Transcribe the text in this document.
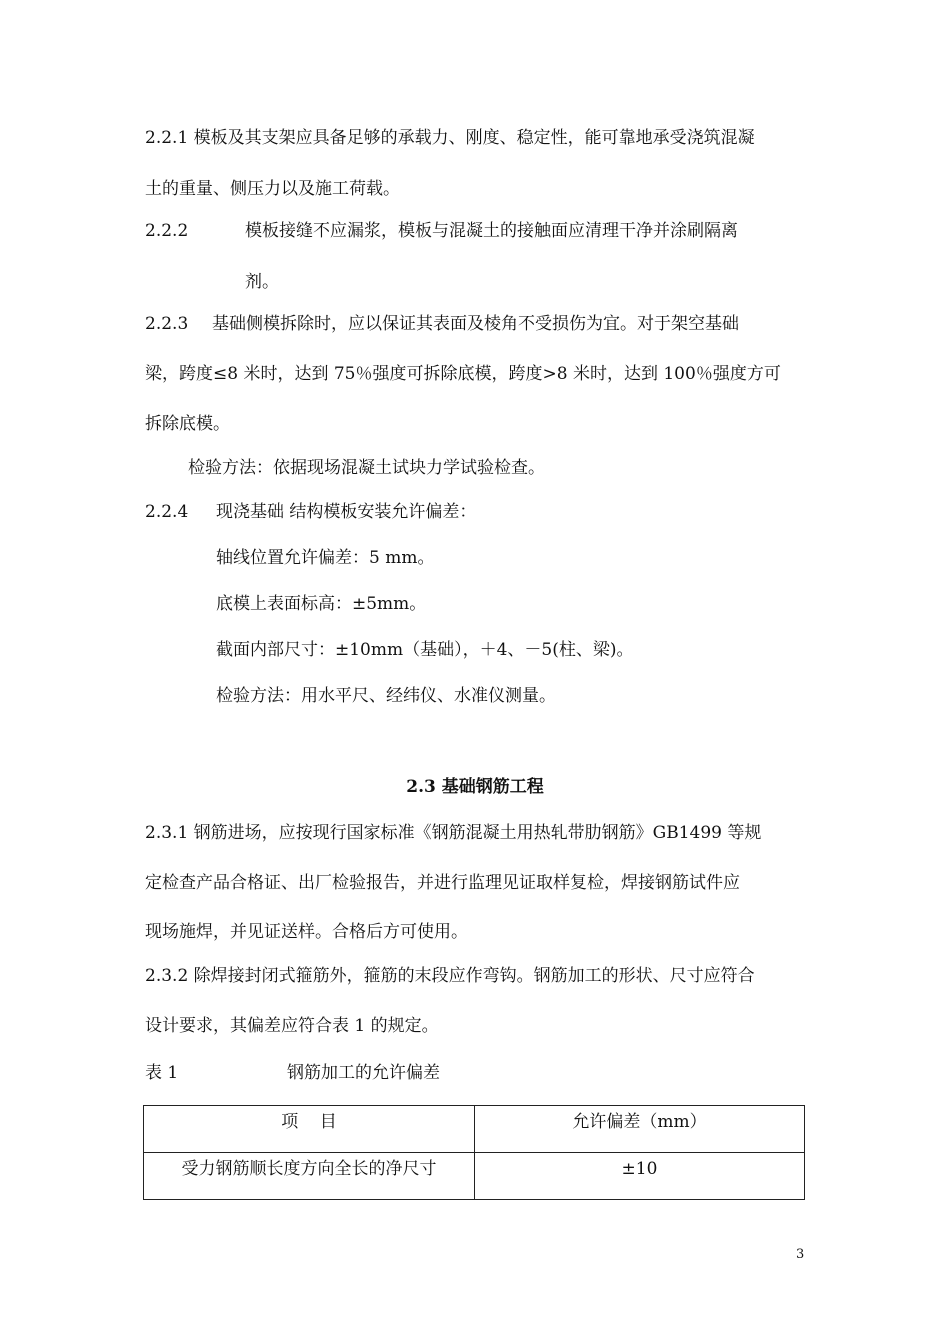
2.2.1 模板及其支架应具备足够的承载力、刚度、稳定性，能可靠地承受浇筑混凝
土的重量、侧压力以及施工荷载。
2.2.2	模板接缝不应漏浆，模板与混凝土的接触面应清理干净并涂刷隔离
剂。
2.2.3 基础侧模拆除时，应以保证其表面及棱角不受损伤为宜。对于架空基础
梁，跨度≤8 米时，达到 75％强度可拆除底模，跨度>8 米时，达到 100％强度方可
拆除底模。
检验方法：依据现场混凝土试块力学试验检查。
2.2.4 现浇基础 结构模板安装允许偏差：
轴线位置允许偏差：5 mm。
底模上表面标高：±5mm。
截面内部尺寸：±10mm（基础），＋4、－5(柱、梁)。
检验方法：用水平尺、经纬仪、水准仪测量。
2.3 基础钢筋工程
2.3.1 钢筋进场，应按现行国家标准《钢筋混凝土用热轧带肋钢筋》GB1499 等规
定检查产品合格证、出厂检验报告，并进行监理见证取样复检，焊接钢筋试件应
现场施焊，并见证送样。合格后方可使用。
2.3.2 除焊接封闭式箍筋外，箍筋的末段应作弯钩。钢筋加工的形状、尺寸应符合
设计要求，其偏差应符合表 1 的规定。
表 1	钢筋加工的允许偏差
项    目	允许偏差（mm）
受力钢筋顺长度方向全长的净尺寸	±10
3
